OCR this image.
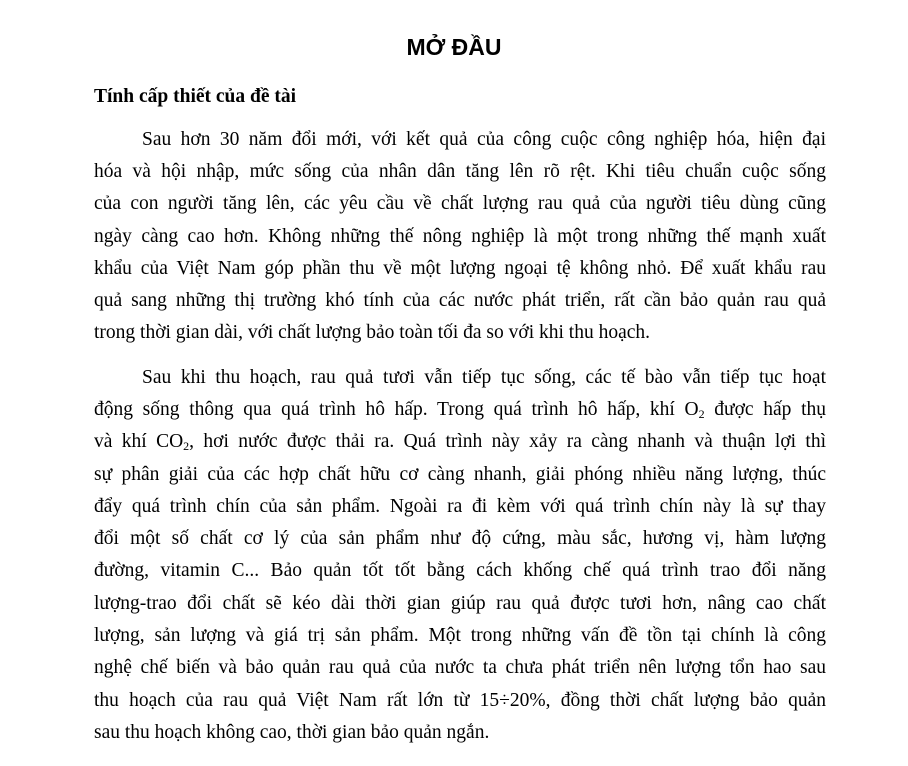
MỞ ĐẦU
Tính cấp thiết của đề tài

Sau hơn 30 năm đổi mới, với kết quả của công cuộc công nghiệp hóa, hiện đại

hóa và hội nhập, mức sống của nhân dân tăng lên rõ rệt. Khi tiêu chuẩn cuộc sống

của con người tăng lên, các yêu cầu về chất lượng rau quả của người tiêu dùng cũng

ngày càng cao hơn. Không những thế nông nghiệp là một trong những thế mạnh xuất

khẩu của Việt Nam góp phần thu về một lượng ngoại tệ không nhỏ. Để xuất khẩu rau

quả sang những thị trường khó tính của các nước phát triển, rất cần bảo quản rau quả

trong thời gian dài, với chất lượng bảo toàn tối đa so với khi thu hoạch.

Sau khi thu hoạch, rau quả tươi vẫn tiếp tục sống, các tế bào vẫn tiếp tục hoạt

động sống thông qua quá trình hô hấp. Trong quá trình hô hấp, khí $O_2$ được hấp thụ

và khí $CO_2$, hơi nước được thải ra. Quá trình này xảy ra càng nhanh và thuận lợi thì

sự phân giải của các hợp chất hữu cơ càng nhanh, giải phóng nhiều năng lượng, thúc

đẩy quá trình chín của sản phẩm. Ngoài ra đi kèm với quá trình chín này là sự thay

đổi một số chất cơ lý của sản phẩm như độ cứng, màu sắc, hương vị, hàm lượng

đường, vitamin C... Bảo quản tốt tốt bằng cách khống chế quá trình trao đổi năng

lượng-trao đổi chất sẽ kéo dài thời gian giúp rau quả được tươi hơn, nâng cao chất

lượng, sản lượng và giá trị sản phẩm. Một trong những vấn đề tồn tại chính là công

nghệ chế biến và bảo quản rau quả của nước ta chưa phát triển nên lượng tổn hao sau

thu hoạch của rau quả Việt Nam rất lớn từ 15÷20%, đồng thời chất lượng bảo quản

sau thu hoạch không cao, thời gian bảo quản ngắn.
